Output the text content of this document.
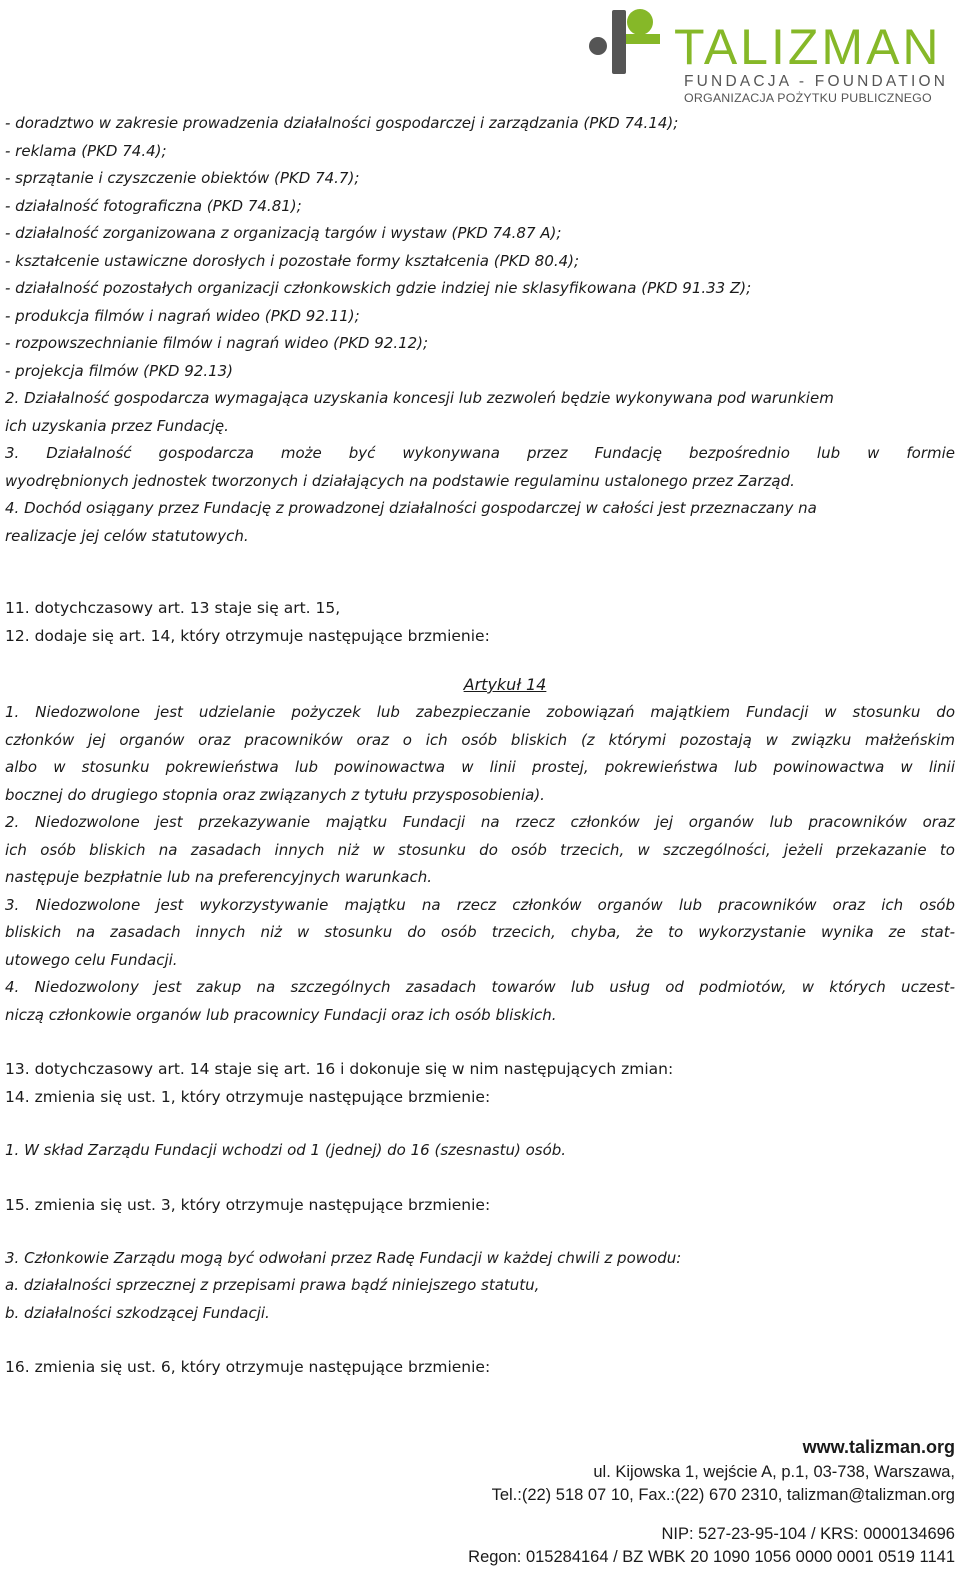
TALIZMAN
FUNDACJA - FOUNDATION
ORGANIZACJA POŻYTKU PUBLICZNEGO
- doradztwo w zakresie prowadzenia działalności gospodarczej i zarządzania (PKD 74.14);
- reklama (PKD 74.4);
- sprzątanie i czyszczenie obiektów (PKD 74.7);
- działalność fotograficzna (PKD 74.81);
- działalność zorganizowana z organizacją targów i wystaw (PKD 74.87 A);
- kształcenie ustawiczne dorosłych i pozostałe formy kształcenia (PKD 80.4);
- działalność pozostałych organizacji członkowskich gdzie indziej nie sklasyfikowana (PKD 91.33 Z);
- produkcja filmów i nagrań wideo (PKD 92.11);
- rozpowszechnianie filmów i nagrań wideo (PKD 92.12);
- projekcja filmów (PKD 92.13)
2. Działalność gospodarcza wymagająca uzyskania koncesji lub zezwoleń będzie wykonywana pod warunkiem
ich uzyskania przez Fundację.
3. Działalność gospodarcza może być wykonywana przez Fundację bezpośrednio lub w formie
wyodrębnionych jednostek tworzonych i działających na podstawie regulaminu ustalonego przez Zarząd.
4. Dochód osiągany przez Fundację z prowadzonej działalności gospodarczej w całości jest przeznaczany na
realizacje jej celów statutowych.
11. dotychczasowy art. 13 staje się art. 15,
12. dodaje się art. 14, który otrzymuje następujące brzmienie:
Artykuł 14
1. Niedozwolone jest udzielanie pożyczek lub zabezpieczanie zobowiązań majątkiem Fundacji w stosunku do
członków jej organów oraz pracowników oraz o ich osób bliskich (z którymi pozostają w związku małżeńskim
albo w stosunku pokrewieństwa lub powinowactwa w linii prostej, pokrewieństwa lub powinowactwa w linii
bocznej do drugiego stopnia oraz związanych z tytułu przysposobienia).
2. Niedozwolone jest przekazywanie majątku Fundacji na rzecz członków jej organów lub pracowników oraz
ich osób bliskich na zasadach innych niż w stosunku do osób trzecich, w szczególności, jeżeli przekazanie to
następuje bezpłatnie lub na preferencyjnych warunkach.
3. Niedozwolone jest wykorzystywanie majątku na rzecz członków organów lub pracowników oraz ich osób
bliskich na zasadach innych niż w stosunku do osób trzecich, chyba, że to wykorzystanie wynika ze stat-
utowego celu Fundacji.
4. Niedozwolony jest zakup na szczególnych zasadach towarów lub usług od podmiotów, w których uczest-
niczą członkowie organów lub pracownicy Fundacji oraz ich osób bliskich.
13. dotychczasowy art. 14 staje się art. 16 i dokonuje się w nim następujących zmian:
14. zmienia się ust. 1, który otrzymuje następujące brzmienie:
1. W skład Zarządu Fundacji wchodzi od 1 (jednej) do 16 (szesnastu) osób.
15. zmienia się ust. 3, który otrzymuje następujące brzmienie:
3. Członkowie Zarządu mogą być odwołani przez Radę Fundacji w każdej chwili z powodu:
a. działalności sprzecznej z przepisami prawa bądź niniejszego statutu,
b. działalności szkodzącej Fundacji.
16. zmienia się ust. 6, który otrzymuje następujące brzmienie:
www.talizman.org
ul. Kijowska 1, wejście A, p.1, 03-738, Warszawa,
Tel.:(22) 518 07 10, Fax.:(22) 670 2310, talizman@talizman.org
NIP: 527-23-95-104 / KRS: 0000134696
Regon: 015284164 / BZ WBK 20 1090 1056 0000 0001 0519 1141
